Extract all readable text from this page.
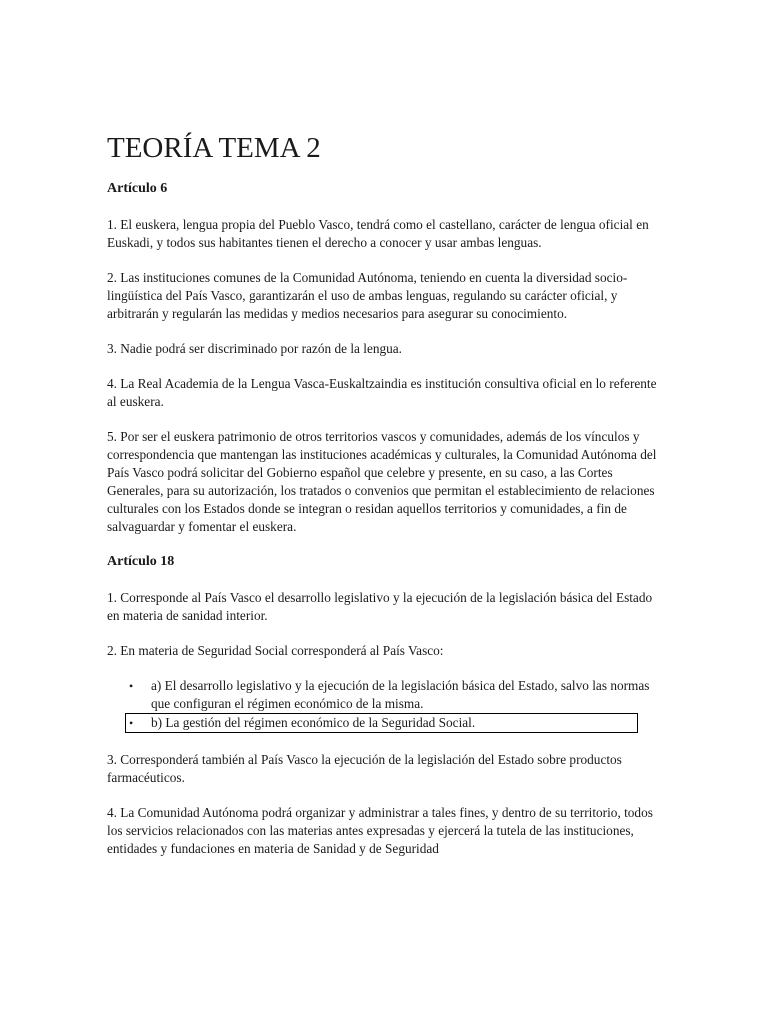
TEORÍA TEMA 2
Artículo 6

1. El euskera, lengua propia del Pueblo Vasco, tendrá como el castellano, carácter de lengua oficial en Euskadi, y todos sus habitantes tienen el derecho a conocer y usar ambas lenguas.

2. Las instituciones comunes de la Comunidad Autónoma, teniendo en cuenta la diversidad socio-lingüística del País Vasco, garantizarán el uso de ambas lenguas, regulando su carácter oficial, y arbitrarán y regularán las medidas y medios necesarios para asegurar su conocimiento.

3. Nadie podrá ser discriminado por razón de la lengua.

4. La Real Academia de la Lengua Vasca-Euskaltzaindia es institución consultiva oficial en lo referente al euskera.

5. Por ser el euskera patrimonio de otros territorios vascos y comunidades, además de los vínculos y correspondencia que mantengan las instituciones académicas y culturales, la Comunidad Autónoma del País Vasco podrá solicitar del Gobierno español que celebre y presente, en su caso, a las Cortes Generales, para su autorización, los tratados o convenios que permitan el establecimiento de relaciones culturales con los Estados donde se integran o residan aquellos territorios y comunidades, a fin de salvaguardar y fomentar el euskera.

Artículo 18

1. Corresponde al País Vasco el desarrollo legislativo y la ejecución de la legislación básica del Estado en materia de sanidad interior.

2. En materia de Seguridad Social corresponderá al País Vasco:

• a) El desarrollo legislativo y la ejecución de la legislación básica del Estado, salvo las normas que configuran el régimen económico de la misma.
• b) La gestión del régimen económico de la Seguridad Social.

3. Corresponderá también al País Vasco la ejecución de la legislación del Estado sobre productos farmacéuticos.

4. La Comunidad Autónoma podrá organizar y administrar a tales fines, y dentro de su territorio, todos los servicios relacionados con las materias antes expresadas y ejercerá la tutela de las instituciones, entidades y fundaciones en materia de Sanidad y de Seguridad
